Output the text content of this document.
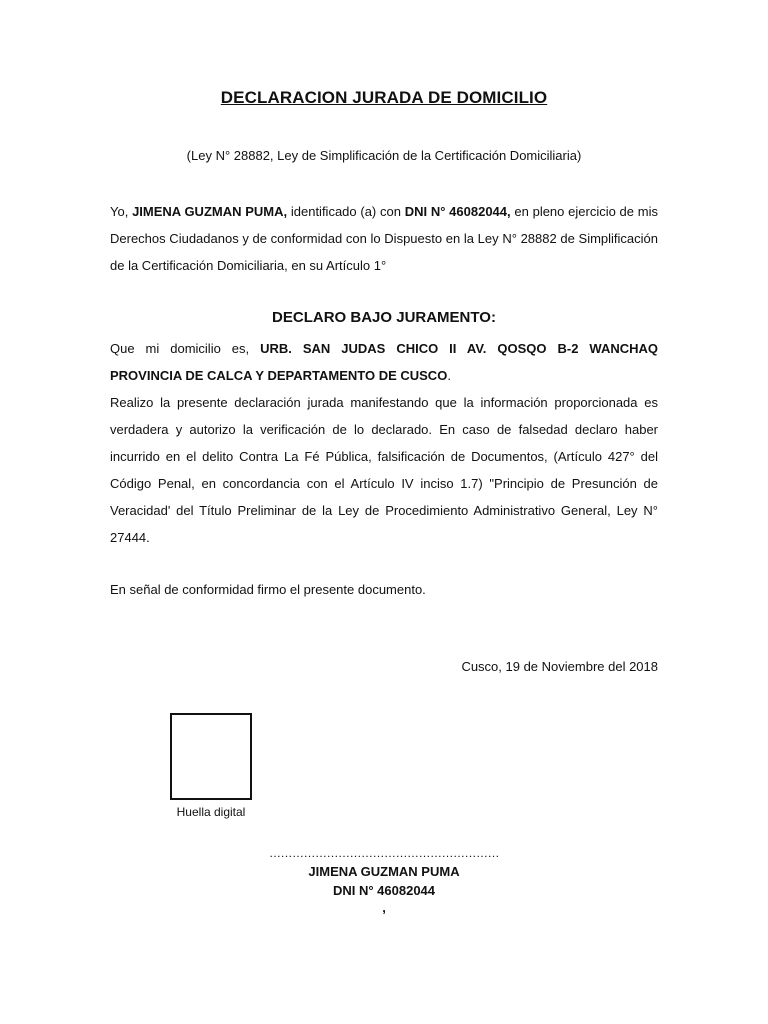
DECLARACION JURADA DE DOMICILIO
(Ley N° 28882, Ley de Simplificación de la Certificación Domiciliaria)
Yo, JIMENA GUZMAN PUMA, identificado (a) con DNI N° 46082044, en pleno ejercicio de mis Derechos Ciudadanos y de conformidad con lo Dispuesto en la Ley N° 28882 de Simplificación de la Certificación Domiciliaria, en su Artículo 1°
DECLARO BAJO JURAMENTO:
Que mi domicilio es, URB. SAN JUDAS CHICO II AV. QOSQO B-2 WANCHAQ
PROVINCIA DE CALCA Y DEPARTAMENTO DE CUSCO.
Realizo la presente declaración jurada manifestando que la información proporcionada es verdadera y autorizo la verificación de lo declarado. En caso de falsedad declaro haber incurrido en el delito Contra La Fé Pública, falsificación de Documentos, (Artículo 427° del Código Penal, en concordancia con el Artículo IV inciso 1.7) "Principio de Presunción de Veracidad' del Título Preliminar de la Ley de Procedimiento Administrativo General, Ley N° 27444.
En señal de conformidad firmo el presente documento.
Cusco, 19 de Noviembre del 2018
Huella digital
……………………………………………………
JIMENA GUZMAN PUMA
DNI N° 46082044
,
